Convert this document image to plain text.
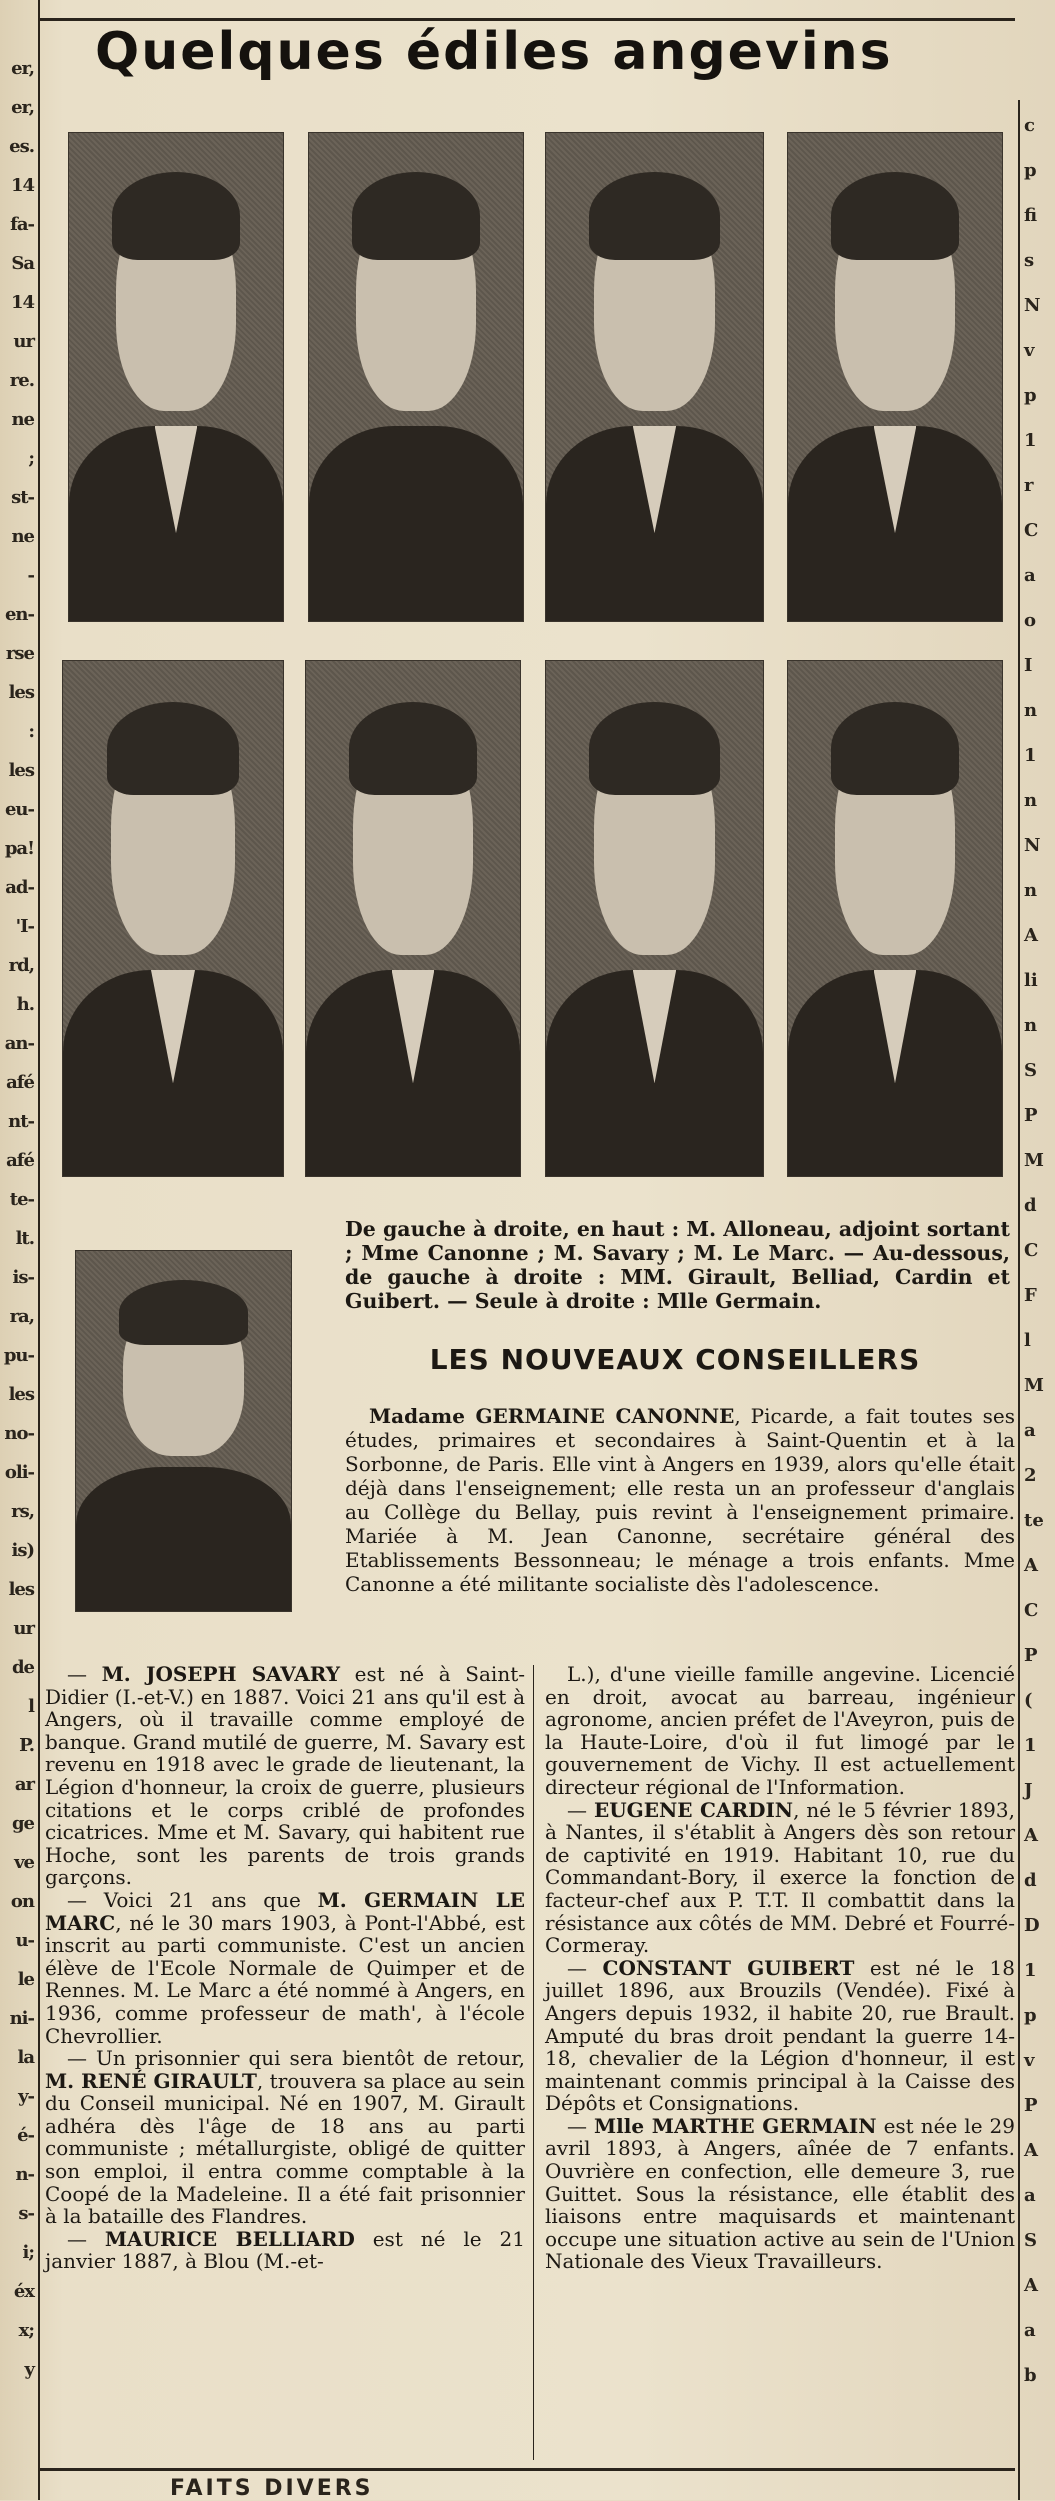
er,
er,
es.
14
fa-
Sa
14
ur
re.
ne
;
st-
ne
-
en-
rse
les
:
les
eu-
pa!
ad-
'I-
rd,
h.
an-
afé
nt-
afé
te-
lt.
is-
ra,
pu-
les
no-
oli-
rs,
is)
les
ur
de
l
P.
ar
ge
ve
on
u-
le
ni-
la
y-
é-
n-
s-
i;
éx
x;
y
c
p
fi
s
N
v
p
1
r
C
a
o
I
n
1
n
N
n
A
li
n
S
P
M
d
C
F
l
M
a
2
te
A
C
P
(
1
J
A
d
D
1
p
v
P
A
a
S
A
a
b
Quelques édiles angevins
De gauche à droite, en haut : M. Alloneau, adjoint sortant ; Mme Canonne ; M. Savary ; M. Le Marc. — Au-dessous, de gauche à droite : MM. Girault, Belliad, Cardin et Guibert. — Seule à droite : Mlle Germain.
LES NOUVEAUX CONSEILLERS
Madame GERMAINE CANONNE, Picarde, a fait toutes ses études, primaires et secondaires à Saint-Quentin et à la Sorbonne, de Paris. Elle vint à Angers en 1939, alors qu'elle était déjà dans l'enseignement; elle resta un an professeur d'anglais au Collège du Bellay, puis revint à l'enseignement primaire. Mariée à M. Jean Canonne, secrétaire général des Etablissements Bessonneau; le ménage a trois enfants. Mme Canonne a été militante socialiste dès l'adolescence.

— M. JOSEPH SAVARY est né à Saint-Didier (I.-et-V.) en 1887. Voici 21 ans qu'il est à Angers, où il travaille comme employé de banque. Grand mutilé de guerre, M. Savary est revenu en 1918 avec le grade de lieutenant, la Légion d'honneur, la croix de guerre, plusieurs citations et le corps criblé de profondes cicatrices. Mme et M. Savary, qui habitent rue Hoche, sont les parents de trois grands garçons.

— Voici 21 ans que M. GERMAIN LE MARC, né le 30 mars 1903, à Pont-l'Abbé, est inscrit au parti communiste. C'est un ancien élève de l'Ecole Normale de Quimper et de Rennes. M. Le Marc a été nommé à Angers, en 1936, comme professeur de math', à l'école Chevrollier.

— Un prisonnier qui sera bientôt de retour, M. RENÉ GIRAULT, trouvera sa place au sein du Conseil municipal. Né en 1907, M. Girault adhéra dès l'âge de 18 ans au parti communiste ; métallurgiste, obligé de quitter son emploi, il entra comme comptable à la Coopé de la Madeleine. Il a été fait prisonnier à la bataille des Flandres.

— MAURICE BELLIARD est né le 21 janvier 1887, à Blou (M.-et-

L.), d'une vieille famille angevine. Licencié en droit, avocat au barreau, ingénieur agronome, ancien préfet de l'Aveyron, puis de la Haute-Loire, d'où il fut limogé par le gouvernement de Vichy. Il est actuellement directeur régional de l'Information.

— EUGENE CARDIN, né le 5 février 1893, à Nantes, il s'établit à Angers dès son retour de captivité en 1919. Habitant 10, rue du Commandant-Bory, il exerce la fonction de facteur-chef aux P. T.T. Il combattit dans la résistance aux côtés de MM. Debré et Fourré-Cormeray.

— CONSTANT GUIBERT est né le 18 juillet 1896, aux Brouzils (Vendée). Fixé à Angers depuis 1932, il habite 20, rue Brault. Amputé du bras droit pendant la guerre 14-18, chevalier de la Légion d'honneur, il est maintenant commis principal à la Caisse des Dépôts et Consignations.

— Mlle MARTHE GERMAIN est née le 29 avril 1893, à Angers, aînée de 7 enfants. Ouvrière en confection, elle demeure 3, rue Guittet. Sous la résistance, elle établit des liaisons entre maquisards et maintenant occupe une situation active au sein de l'Union Nationale des Vieux Travailleurs.

FAITS DIVERS
